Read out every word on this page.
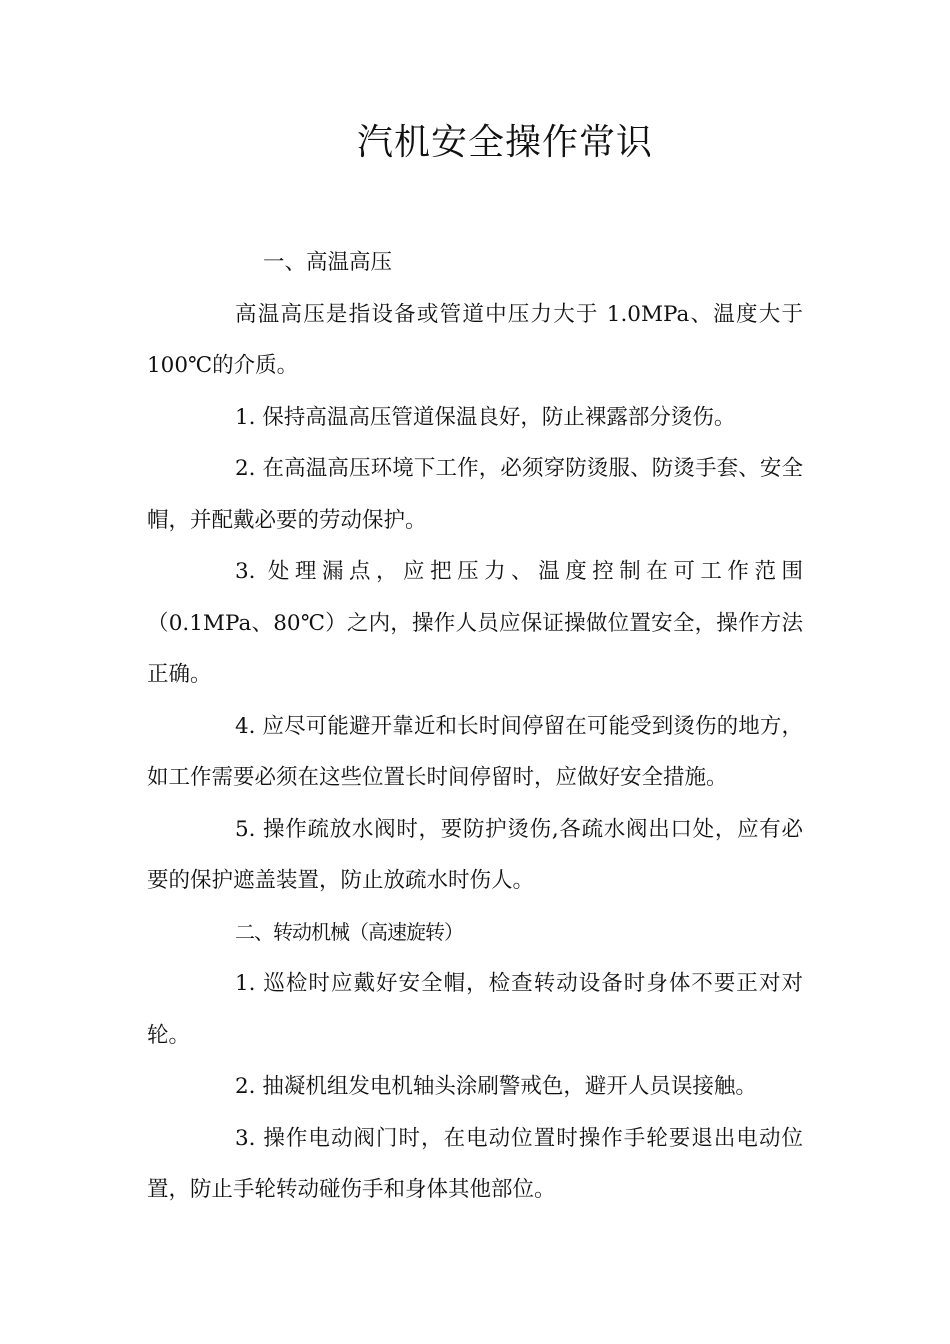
汽机安全操作常识

一、高温高压

高温高压是指设备或管道中压力大于 1.0MPa、温度大于 100℃的介质。

1. 保持高温高压管道保温良好，防止裸露部分烫伤。

2. 在高温高压环境下工作，必须穿防烫服、防烫手套、安全帽，并配戴必要的劳动保护。

3. 处理漏点，应把压力、温度控制在可工作范围（0.1MPa、80℃）之内，操作人员应保证操做位置安全，操作方法正确。

4. 应尽可能避开靠近和长时间停留在可能受到烫伤的地方，如工作需要必须在这些位置长时间停留时，应做好安全措施。

5. 操作疏放水阀时，要防护烫伤,各疏水阀出口处，应有必要的保护遮盖装置，防止放疏水时伤人。

二、转动机械（高速旋转）

1. 巡检时应戴好安全帽，检查转动设备时身体不要正对对轮。

2. 抽凝机组发电机轴头涂刷警戒色，避开人员误接触。

3. 操作电动阀门时，在电动位置时操作手轮要退出电动位置，防止手轮转动碰伤手和身体其他部位。
